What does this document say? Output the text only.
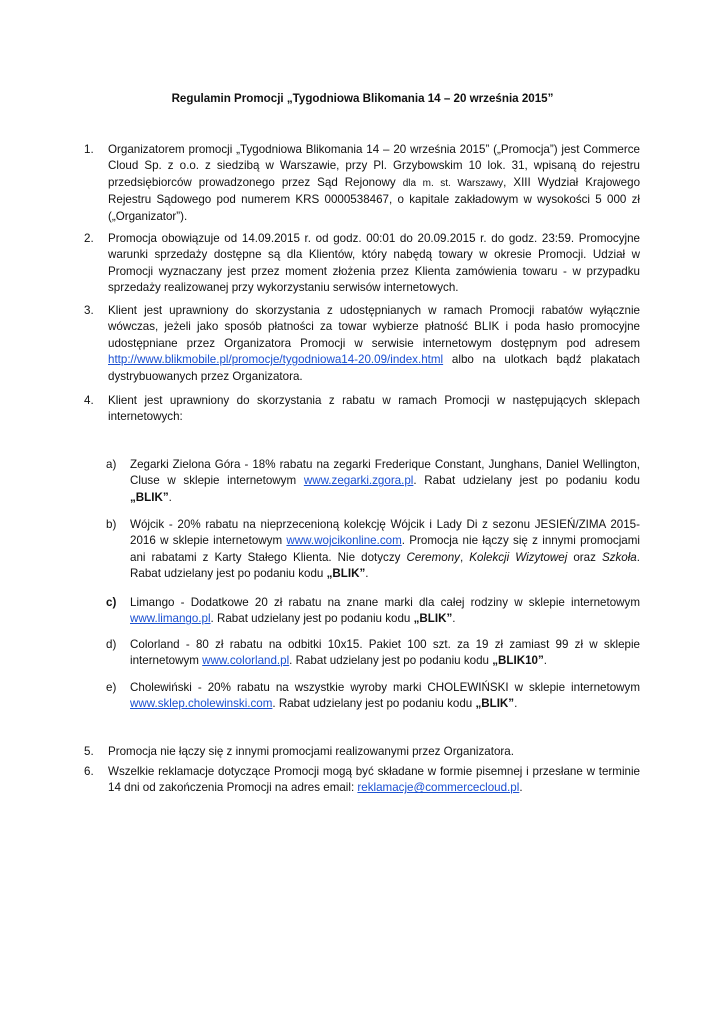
Regulamin Promocji „Tygodniowa Blikomania 14 – 20 września 2015”
1. Organizatorem promocji „Tygodniowa Blikomania 14 – 20 września 2015” („Promocja”) jest Commerce Cloud Sp. z o.o. z siedzibą w Warszawie, przy Pl. Grzybowskim 10 lok. 31, wpisaną do rejestru przedsiębiorców prowadzonego przez Sąd Rejonowy dla m. st. Warszawy, XIII Wydział Krajowego Rejestru Sądowego pod numerem KRS 0000538467, o kapitale zakładowym w wysokości 5 000 zł („Organizator”).
2. Promocja obowiązuje od 14.09.2015 r. od godz. 00:01 do 20.09.2015 r. do godz. 23:59. Promocyjne warunki sprzedaży dostępne są dla Klientów, który nabędą towary w okresie Promocji. Udział w Promocji wyznaczany jest przez moment złożenia przez Klienta zamówienia towaru - w przypadku sprzedaży realizowanej przy wykorzystaniu serwisów internetowych.
3. Klient jest uprawniony do skorzystania z udostępnianych w ramach Promocji rabatów wyłącznie wówczas, jeżeli jako sposób płatności za towar wybierze płatność BLIK i poda hasło promocyjne udostępniane przez Organizatora Promocji w serwisie internetowym dostępnym pod adresem http://www.blikmobile.pl/promocje/tygodniowa14-20.09/index.html albo na ulotkach bądź plakatach dystrybuowanych przez Organizatora.
4. Klient jest uprawniony do skorzystania z rabatu w ramach Promocji w następujących sklepach internetowych:
a) Zegarki Zielona Góra - 18% rabatu na zegarki Frederique Constant, Junghans, Daniel Wellington, Cluse w sklepie internetowym www.zegarki.zgora.pl. Rabat udzielany jest po podaniu kodu „BLIK”.
b) Wójcik - 20% rabatu na nieprzecenioną kolekcję Wójcik i Lady Di z sezonu JESIEŃ/ZIMA 2015-2016 w sklepie internetowym www.wojcikonline.com. Promocja nie łączy się z innymi promocjami ani rabatami z Karty Stałego Klienta. Nie dotyczy Ceremony, Kolekcji Wizytowej oraz Szkoła. Rabat udzielany jest po podaniu kodu „BLIK”.
c) Limango - Dodatkowe 20 zł rabatu na znane marki dla całej rodziny w sklepie internetowym www.limango.pl. Rabat udzielany jest po podaniu kodu „BLIK”.
d) Colorland - 80 zł rabatu na odbitki 10x15. Pakiet 100 szt. za 19 zł zamiast 99 zł w sklepie internetowym www.colorland.pl. Rabat udzielany jest po podaniu kodu „BLIK10”.
e) Cholewiński - 20% rabatu na wszystkie wyroby marki CHOLEWIŃSKI w sklepie internetowym www.sklep.cholewinski.com. Rabat udzielany jest po podaniu kodu „BLIK”.
5. Promocja nie łączy się z innymi promocjami realizowanymi przez Organizatora.
6. Wszelkie reklamacje dotyczące Promocji mogą być składane w formie pisemnej i przesłane w terminie 14 dni od zakończenia Promocji na adres email: reklamacje@commercecloud.pl.
